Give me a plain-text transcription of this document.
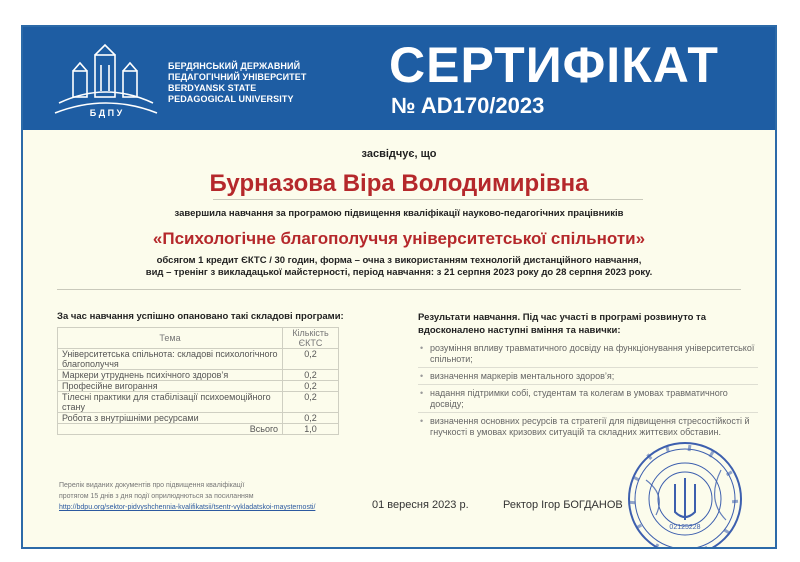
Б Д П У
БЕРДЯНСЬКИЙ ДЕРЖАВНИЙ
ПЕДАГОГІЧНИЙ УНІВЕРСИТЕТ
BERDYANSK STATE
PEDAGOGICAL UNIVERSITY
СЕРТИФІКАТ
№ AD170/2023
засвідчує, що
Бурназова Віра Володимирівна
завершила навчання за програмою підвищення кваліфікації науково-педагогічних працівників
«Психологічне благополуччя університетської спільноти»
обсягом 1 кредит ЄКТС / 30 годин, форма – очна з використанням технологій дистанційного навчання,
вид – тренінг з викладацької майстерності, період навчання: з 21 серпня 2023 року до 28 серпня 2023 року.
За час навчання успішно опановано такі складові програми:
Тема	Кількість ЄКТС
Університетська спільнота: складові психологічного благополуччя	0,2
Маркери утруднень психічного здоров’я	0,2
Професійне вигорання	0,2
Тілесні практики для стабілізації психоемоційного стану	0,2
Робота з внутрішніми ресурсами	0,2
Всього	1,0
Результати навчання. Під час участі в програмі розвинуто та вдосконалено наступні вміння та навички:
• розуміння впливу травматичного досвіду на функціонування університетської спільноти;
• визначення маркерів ментального здоров’я;
• надання підтримки собі, студентам та колегам в умовах травматичного досвіду;
• визначення основних ресурсів та стратегії для підвищення стресостійкості й гнучкості в умовах кризових ситуацій та складних життєвих обставин.
Перелік виданих документів про підвищення кваліфікації
протягом 15 днів з дня події оприлюднються за посиланням
http://bdpu.org/sektor-pidvyshchennia-kvalifikatsii/tsentr-vykladatskoi-maysternosti/	01 вересня 2023 р.	Ректор Ігор БОГДАНОВ
02125228
